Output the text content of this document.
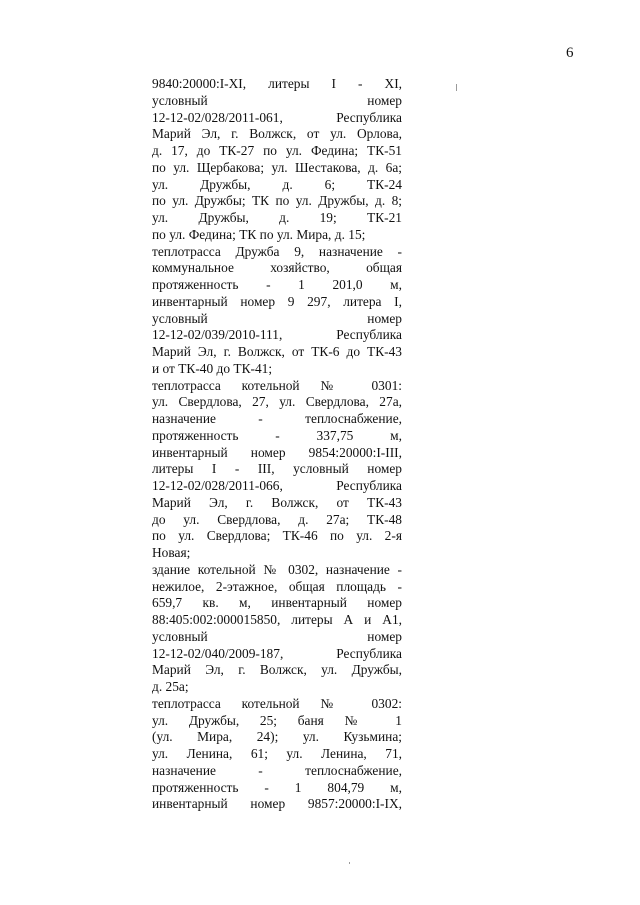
6
9840:20000:I-XI, литеры I - XI,
условный номер
12-12-02/028/2011-061, Республика
Марий Эл, г. Волжск, от ул. Орлова,
д. 17, до ТК-27 по ул. Федина; ТК-51
по ул. Щербакова; ул. Шестакова, д. 6а;
ул. Дружбы, д. 6; ТК-24
по ул. Дружбы; ТК по ул. Дружбы, д. 8;
ул. Дружбы, д. 19; ТК-21
по ул. Федина; ТК по ул. Мира, д. 15;
теплотрасса Дружба 9, назначение -
коммунальное хозяйство, общая
протяженность - 1 201,0 м,
инвентарный номер 9 297, литера I,
условный номер
12-12-02/039/2010-111, Республика
Марий Эл, г. Волжск, от ТК-6 до ТК-43
и от ТК-40 до ТК-41;
теплотрасса котельной № 0301:
ул. Свердлова, 27, ул. Свердлова, 27а,
назначение - теплоснабжение,
протяженность - 337,75 м,
инвентарный номер 9854:20000:I-III,
литеры I - III, условный номер
12-12-02/028/2011-066, Республика
Марий Эл, г. Волжск, от ТК-43
до ул. Свердлова, д. 27а; ТК-48
по ул. Свердлова; ТК-46 по ул. 2-я
Новая;
здание котельной № 0302, назначение -
нежилое, 2-этажное, общая площадь -
659,7 кв. м, инвентарный номер
88:405:002:000015850, литеры А и А1,
условный номер
12-12-02/040/2009-187, Республика
Марий Эл, г. Волжск, ул. Дружбы,
д. 25а;
теплотрасса котельной № 0302:
ул. Дружбы, 25; баня № 1
(ул. Мира, 24); ул. Кузьмина;
ул. Ленина, 61; ул. Ленина, 71,
назначение - теплоснабжение,
протяженность - 1 804,79 м,
инвентарный номер 9857:20000:I-IX,
